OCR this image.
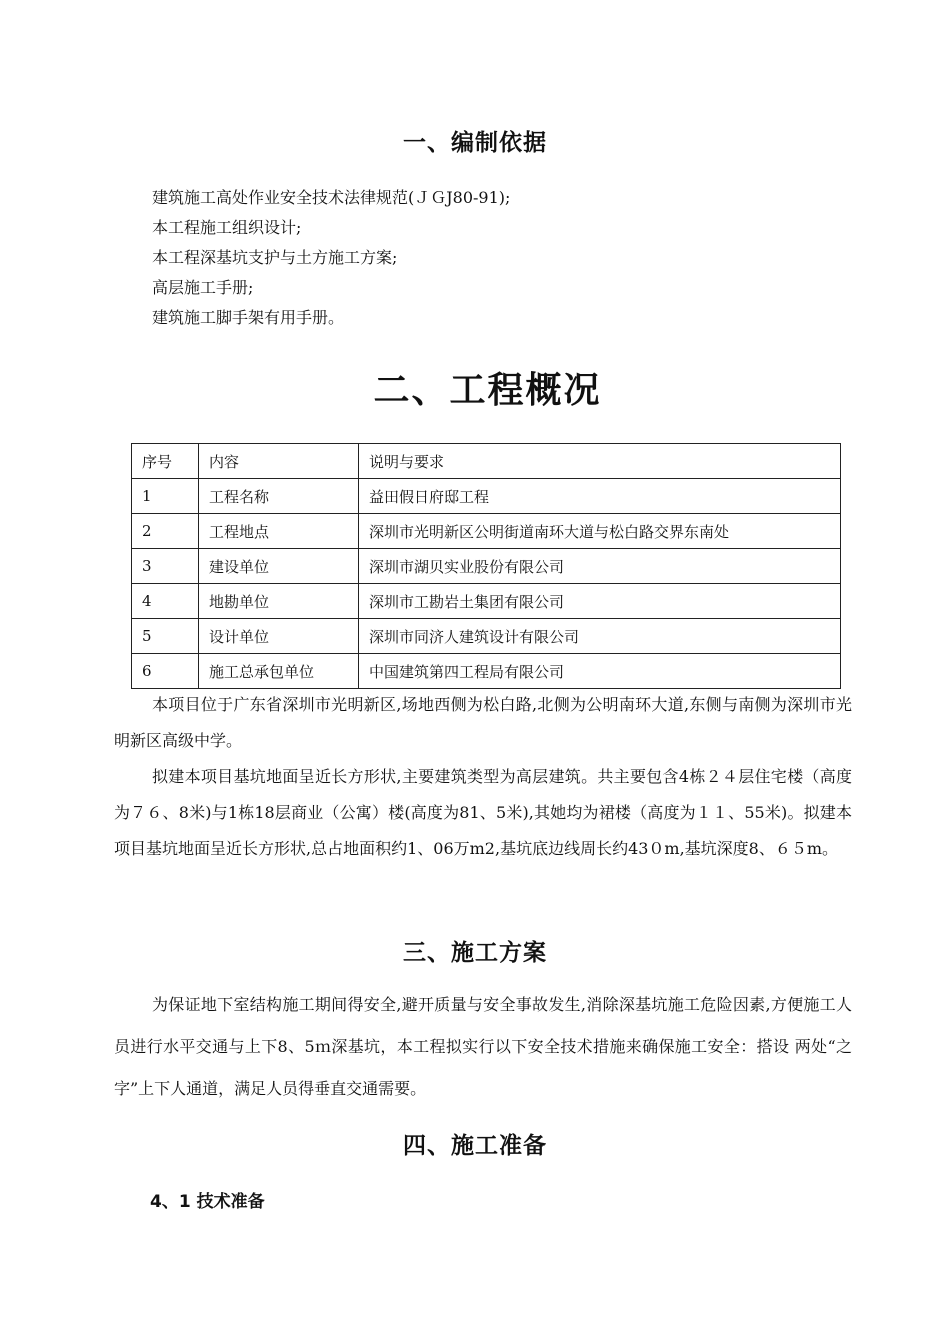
一、编制依据
建筑施工高处作业安全技术法律规范(ＪＧJ80-91);
本工程施工组织设计;
本工程深基坑支护与土方施工方案;
高层施工手册;
建筑施工脚手架有用手册。
二、工程概况
序号	内容	说明与要求
1	工程名称	益田假日府邸工程
2	工程地点	深圳市光明新区公明街道南环大道与松白路交界东南处
3	建设单位	深圳市湖贝实业股份有限公司
4	地勘单位	深圳市工勘岩土集团有限公司
5	设计单位	深圳市同济人建筑设计有限公司
6	施工总承包单位	中国建筑第四工程局有限公司

本项目位于广东省深圳市光明新区,场地西侧为松白路,北侧为公明南环大道,东侧与南侧为深圳市光明新区高级中学。

拟建本项目基坑地面呈近长方形状,主要建筑类型为高层建筑。共主要包含4栋２４层住宅楼（高度为７６、8米)与1栋18层商业（公寓）楼(高度为81、5米),其她均为裙楼（高度为１１、55米)。拟建本项目基坑地面呈近长方形状,总占地面积约1、06万m2,基坑底边线周长约43０m,基坑深度8、６５m。

三、施工方案

为保证地下室结构施工期间得安全,避开质量与安全事故发生,消除深基坑施工危险因素,方便施工人员进行水平交通与上下8、5ｍ深基坑，本工程拟实行以下安全技术措施来确保施工安全：搭设 两处“之字”上下人通道，满足人员得垂直交通需要。

四、施工准备
4、1 技术准备
